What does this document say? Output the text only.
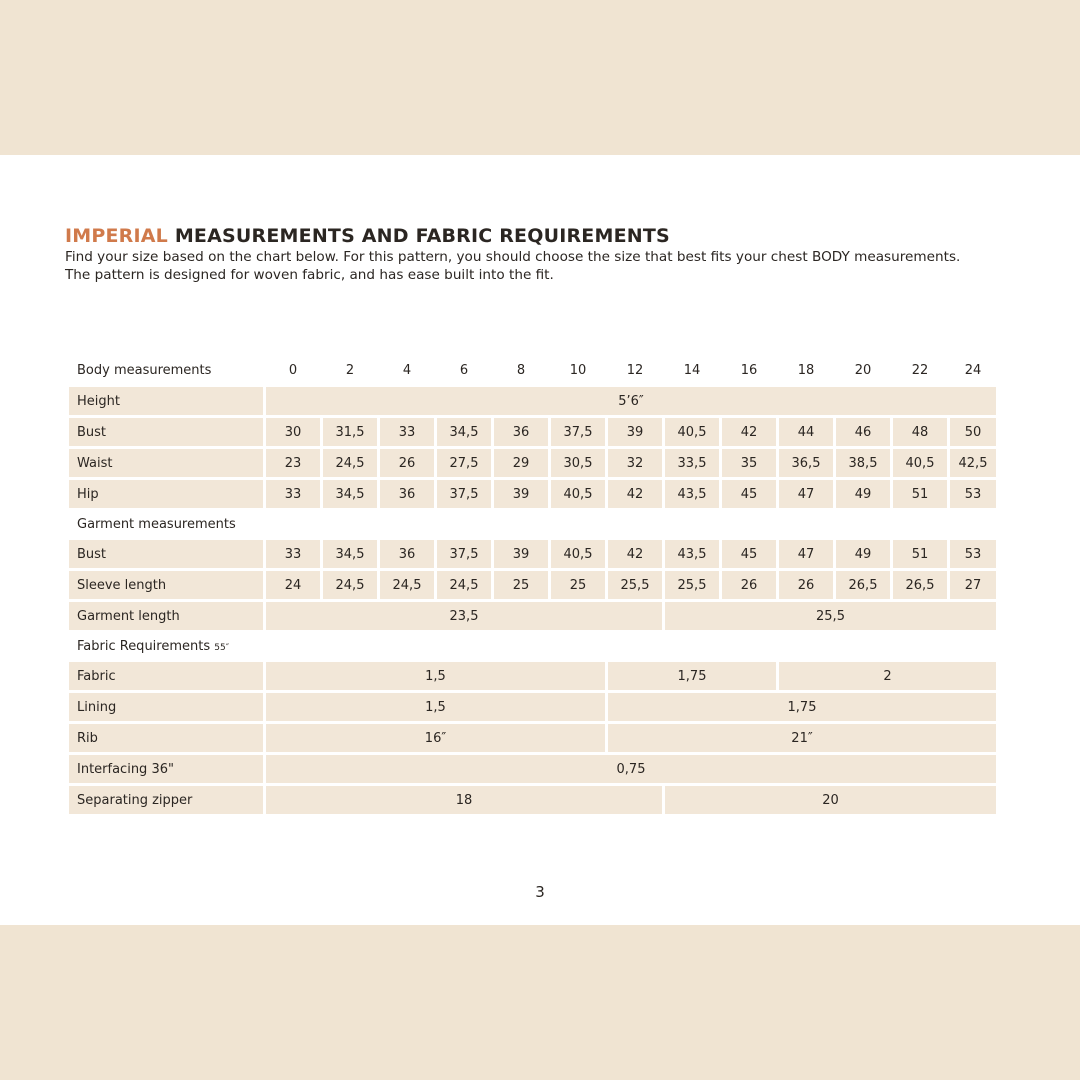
IMPERIAL MEASUREMENTS AND FABRIC REQUIREMENTS
Find your size based on the chart below. For this pattern, you should choose the size that best fits your chest BODY measurements.
The pattern is designed for woven fabric, and has ease built into the fit.
Body measurements	0	2	4	6	8	10	12	14	16	18	20	22	24
Height	5’6″												
Bust	30	31,5	33	34,5	36	37,5	39	40,5	42	44	46	48	50
Waist	23	24,5	26	27,5	29	30,5	32	33,5	35	36,5	38,5	40,5	42,5
Hip	33	34,5	36	37,5	39	40,5	42	43,5	45	47	49	51	53
Garment measurements													
Bust	33	34,5	36	37,5	39	40,5	42	43,5	45	47	49	51	53
Sleeve length	24	24,5	24,5	24,5	25	25	25,5	25,5	26	26	26,5	26,5	27
Garment length	23,5							25,5					
Fabric Requirements 55″													
Fabric	1,5						1,75			2			
Lining	1,5						1,75						
Rib	16″						21″						
Interfacing 36"	0,75												
Separating zipper	18							20					
3
